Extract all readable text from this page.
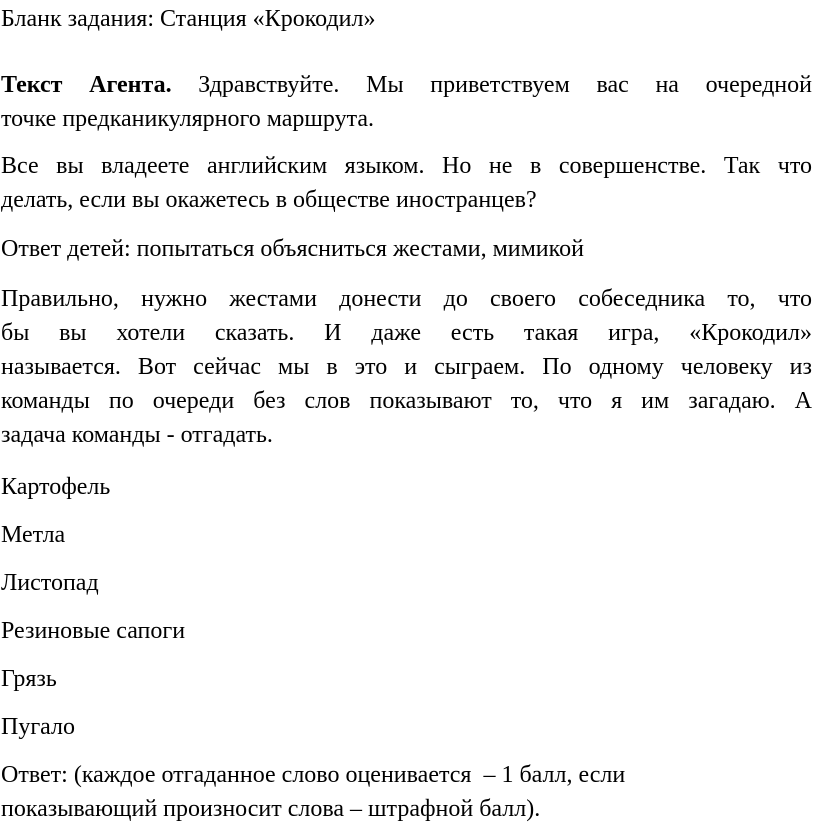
Бланк задания: Станция «Крокодил»
Текст Агента. Здравствуйте. Мы приветствуем вас на очередной
точке предканикулярного маршрута.
Все вы владеете английским языком. Но не в совершенстве. Так что
делать, если вы окажетесь в обществе иностранцев?
Ответ детей: попытаться объясниться жестами, мимикой
Правильно, нужно жестами донести до своего собеседника то, что
бы вы хотели сказать. И даже есть такая игра, «Крокодил»
называется. Вот сейчас мы в это и сыграем. По одному человеку из
команды по очереди без слов показывают то, что я им загадаю. А
задача команды - отгадать.
Картофель
Метла
Листопад
Резиновые сапоги
Грязь
Пугало
Ответ: (каждое отгаданное слово оценивается  – 1 балл, если
показывающий произносит слова – штрафной балл).
